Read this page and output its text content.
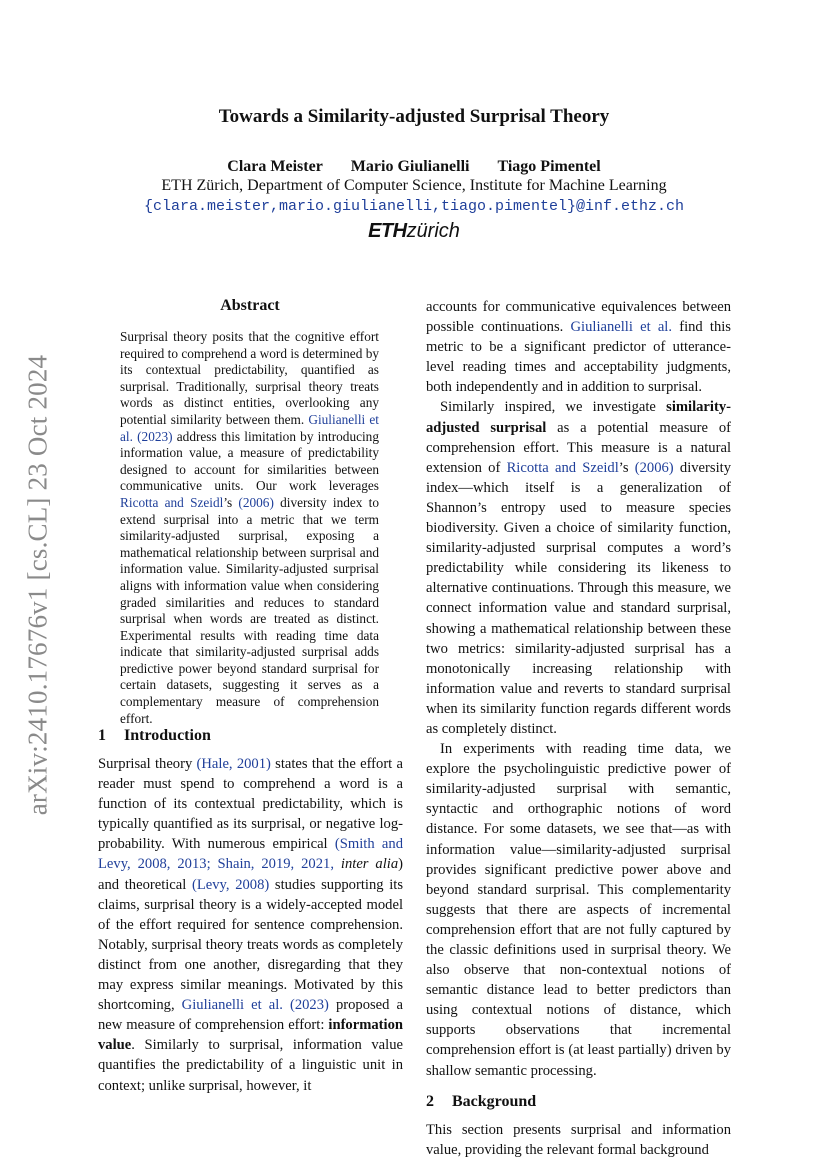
arXiv:2410.17676v1 [cs.CL] 23 Oct 2024
Towards a Similarity-adjusted Surprisal Theory
Clara Meister Mario Giulianelli Tiago Pimentel
ETH Zürich, Department of Computer Science, Institute for Machine Learning
{clara.meister,mario.giulianelli,tiago.pimentel}@inf.ethz.ch
ETHzürich
Abstract
Surprisal theory posits that the cognitive effort required to comprehend a word is determined by its contextual predictability, quantified as surprisal. Traditionally, surprisal theory treats words as distinct entities, overlooking any potential similarity between them. Giulianelli et al. (2023) address this limitation by introducing information value, a measure of predictability designed to account for similarities between communicative units. Our work leverages Ricotta and Szeidl’s (2006) diversity index to extend surprisal into a metric that we term similarity-adjusted surprisal, exposing a mathematical relationship between surprisal and information value. Similarity-adjusted surprisal aligns with information value when considering graded similarities and reduces to standard surprisal when words are treated as distinct. Experimental results with reading time data indicate that similarity-adjusted surprisal adds predictive power beyond standard surprisal for certain datasets, suggesting it serves as a complementary measure of comprehension effort.
1 Introduction

Surprisal theory (Hale, 2001) states that the effort a reader must spend to comprehend a word is a function of its contextual predictability, which is typically quantified as its surprisal, or negative log-probability. With numerous empirical (Smith and Levy, 2008, 2013; Shain, 2019, 2021, inter alia) and theoretical (Levy, 2008) studies supporting its claims, surprisal theory is a widely-accepted model of the effort required for sentence comprehension. Notably, surprisal theory treats words as completely distinct from one another, disregarding that they may express similar meanings. Motivated by this shortcoming, Giulianelli et al. (2023) proposed a new measure of comprehension effort: information value. Similarly to surprisal, information value quantifies the predictability of a linguistic unit in context; unlike surprisal, however, it

accounts for communicative equivalences between possible continuations. Giulianelli et al. find this metric to be a significant predictor of utterance-level reading times and acceptability judgments, both independently and in addition to surprisal.

Similarly inspired, we investigate similarity-adjusted surprisal as a potential measure of comprehension effort. This measure is a natural extension of Ricotta and Szeidl’s (2006) diversity index—which itself is a generalization of Shannon’s entropy used to measure species biodiversity. Given a choice of similarity function, similarity-adjusted surprisal computes a word’s predictability while considering its likeness to alternative continuations. Through this measure, we connect information value and standard surprisal, showing a mathematical relationship between these two metrics: similarity-adjusted surprisal has a monotonically increasing relationship with information value and reverts to standard surprisal when its similarity function regards different words as completely distinct.

In experiments with reading time data, we explore the psycholinguistic predictive power of similarity-adjusted surprisal with semantic, syntactic and orthographic notions of word distance. For some datasets, we see that—as with information value—similarity-adjusted surprisal provides significant predictive power above and beyond standard surprisal. This complementarity suggests that there are aspects of incremental comprehension effort that are not fully captured by the classic definitions used in surprisal theory. We also observe that non-contextual notions of semantic distance lead to better predictors than using contextual notions of distance, which supports observations that incremental comprehension effort is (at least partially) driven by shallow semantic processing.

2 Background

This section presents surprisal and information value, providing the relevant formal background
